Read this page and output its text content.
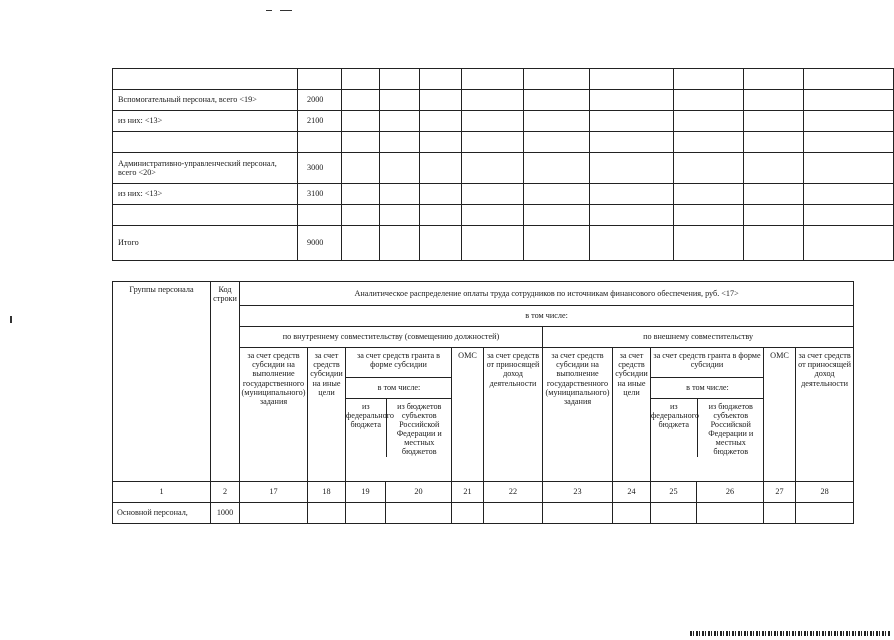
Вспомогательный персонал, всего <19>	2000									
из них: <13>	2100									

Административно-управленческий персонал, всего <20>	3000									
из них: <13>	3100									

Итого	9000									
Группы персонала	Код строки	Аналитическое распределение оплаты труда сотрудников по источникам финансового обеспечения, руб. <17>
в том числе:
по внутреннему совместительству (совмещению должностей)	по внешнему совместительству
за счет средств субсидии на выполнение государственного (муниципального) задания	за счет средств субсидии на иные цели	за счет средств гранта в форме субсидии	ОМС	за счет средств от приносящей доход деятельности	за счет средств субсидии на выполнение государственного (муниципального) задания	за счет средств субсидии на иные цели	за счет средств гранта в форме субсидии	ОМС	за счет средств от приносящей доход деятельности

в том числе:
из федерального бюджета	из бюджетов субъектов Российской Федерации и местных бюджетов

в том числе:
из федерального бюджета	из бюджетов субъектов Российской Федерации и местных бюджетов

1	2	17	18	19	20	21	22	23	24	25	26	27	28
Основной персонал,	1000												
